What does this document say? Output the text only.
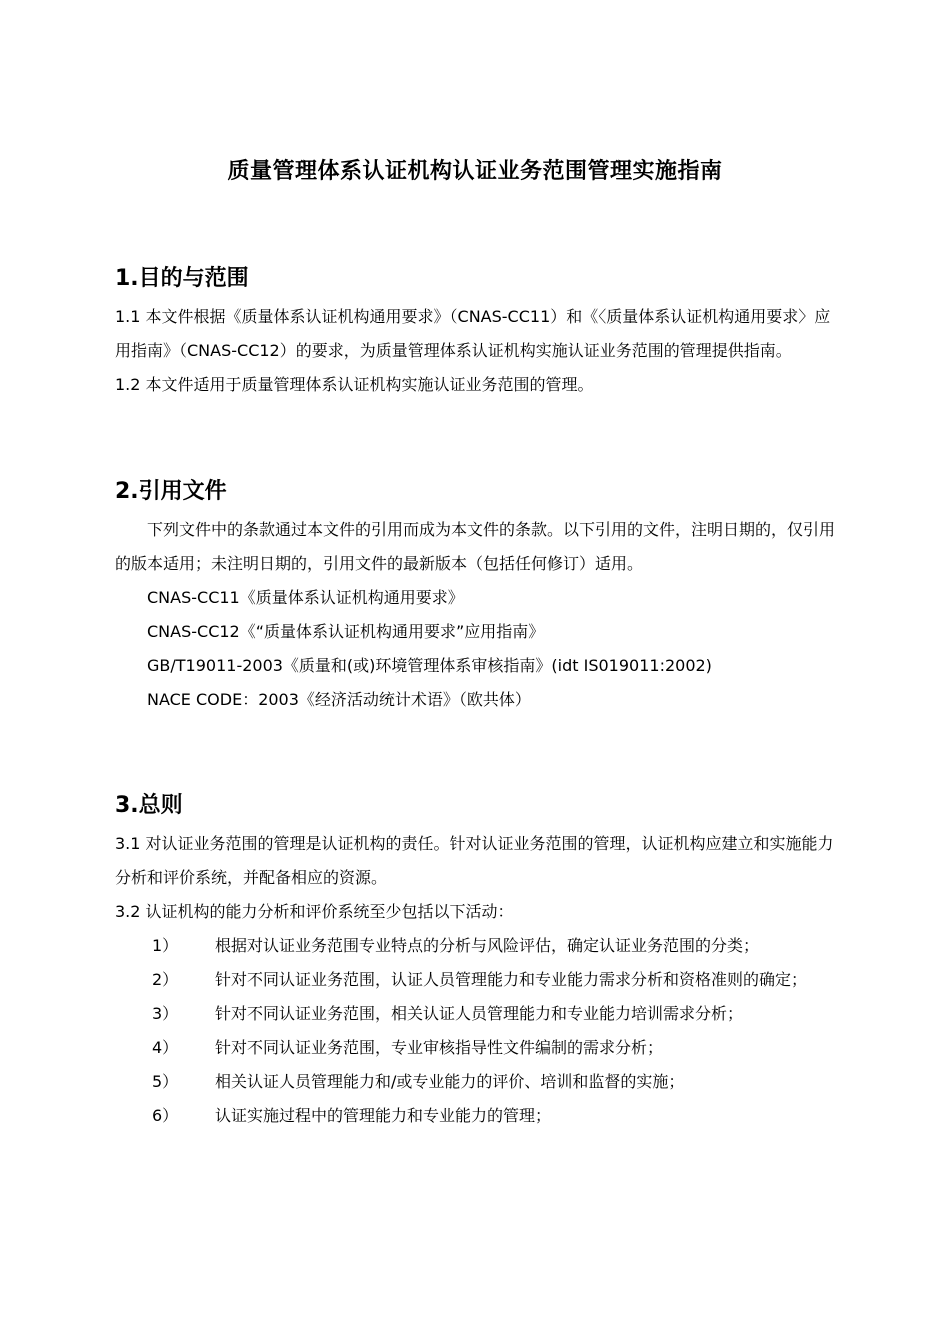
质量管理体系认证机构认证业务范围管理实施指南
1.目的与范围

1.1 本文件根据《质量体系认证机构通用要求》（CNAS-CC11）和《〈质量体系认证机构通用要求〉应用指南》（CNAS-CC12）的要求，为质量管理体系认证机构实施认证业务范围的管理提供指南。

1.2 本文件适用于质量管理体系认证机构实施认证业务范围的管理。

2.引用文件

下列文件中的条款通过本文件的引用而成为本文件的条款。以下引用的文件，注明日期的，仅引用的版本适用；未注明日期的，引用文件的最新版本（包括任何修订）适用。

CNAS-CC11《质量体系认证机构通用要求》

CNAS-CC12《“质量体系认证机构通用要求”应用指南》

GB/T19011-2003《质量和(或)环境管理体系审核指南》(idt IS019011:2002)

NACE CODE：2003《经济活动统计术语》（欧共体）

3.总则

3.1 对认证业务范围的管理是认证机构的责任。针对认证业务范围的管理，认证机构应建立和实施能力分析和评价系统，并配备相应的资源。

3.2 认证机构的能力分析和评价系统至少包括以下活动：

1） 根据对认证业务范围专业特点的分析与风险评估，确定认证业务范围的分类；

2） 针对不同认证业务范围，认证人员管理能力和专业能力需求分析和资格准则的确定；

3） 针对不同认证业务范围，相关认证人员管理能力和专业能力培训需求分析；

4） 针对不同认证业务范围，专业审核指导性文件编制的需求分析；

5） 相关认证人员管理能力和/或专业能力的评价、培训和监督的实施；

6） 认证实施过程中的管理能力和专业能力的管理；
